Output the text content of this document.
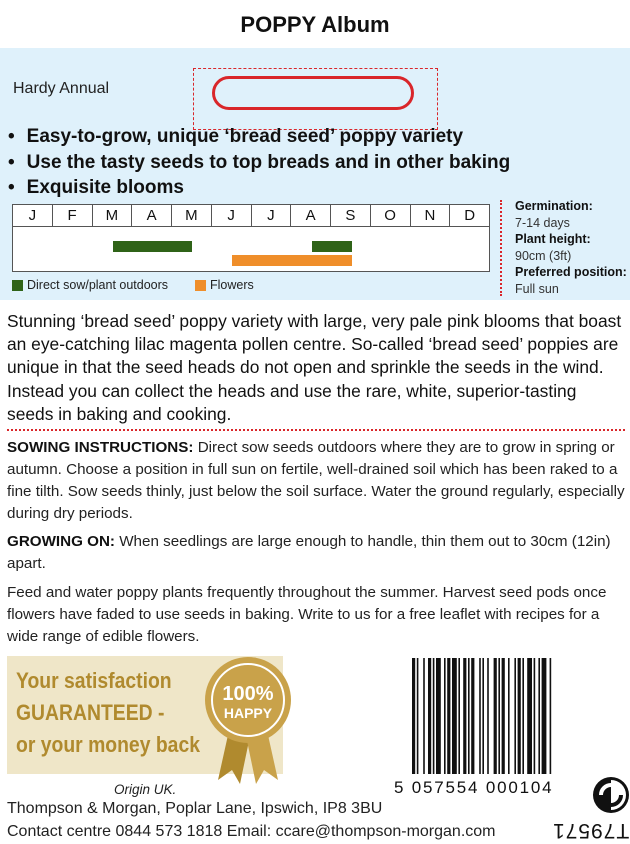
POPPY Album
Hardy Annual
• Easy-to-grow, unique ‘bread seed’ poppy variety
• Use the tasty seeds to top breads and in other baking
• Exquisite blooms
J	F	M	A	M	J	J	A	S	O	N	D
Direct sow/plant outdoors	Flowers
Germination:
7-14 days
Plant height:
90cm (3ft)
Preferred position:
Full sun
Stunning ‘bread seed’ poppy variety with large, very pale pink blooms that boast an eye-catching lilac magenta pollen centre. So-called ‘bread seed’ poppies are unique in that the seed heads do not open and sprinkle the seeds in the wind. Instead you can collect the heads and use the rare, white, superior-tasting seeds in baking and cooking.
SOWING INSTRUCTIONS: Direct sow seeds outdoors where they are to grow in spring or autumn. Choose a position in full sun on fertile, well-drained soil which has been raked to a fine tilth. Sow seeds thinly, just below the soil surface. Water the ground regularly, especially during dry periods.
GROWING ON: When seedlings are large enough to handle, thin them out to 30cm (12in) apart.
Feed and water poppy plants frequently throughout the summer. Harvest seed pods once flowers have faded to use seeds in baking. Write to us for a free leaflet with recipes for a wide range of edible flowers.
Your satisfaction
GUARANTEED -
or your money back
100%
HAPPY
5 057554 000104
Origin UK.
Thompson & Morgan, Poplar Lane, Ipswich, IP8 3BU
Contact centre 0844 573 1818 Email: ccare@thompson-morgan.com	T79571
